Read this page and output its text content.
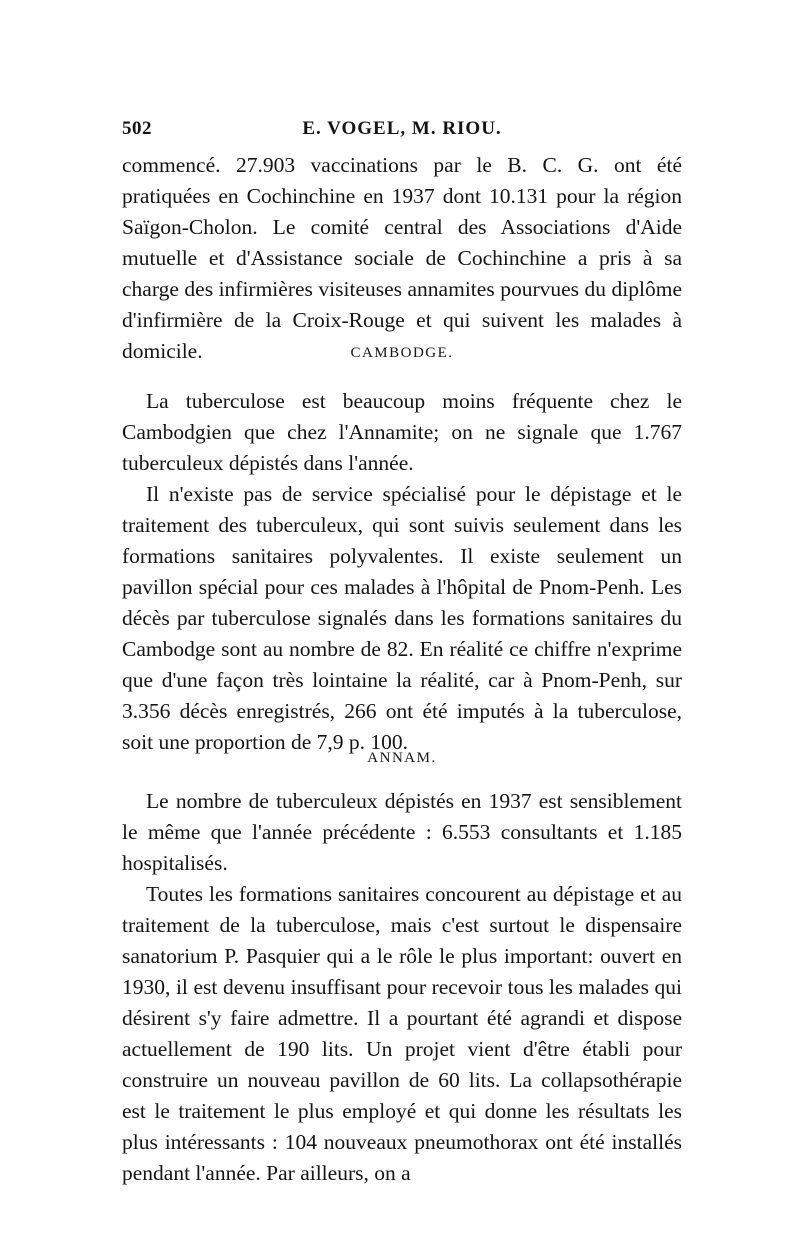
502	E. VOGEL, M. RIOU.

commencé. 27.903 vaccinations par le B. C. G. ont été pratiquées en Cochinchine en 1937 dont 10.131 pour la région Saïgon-Cholon. Le comité central des Associations d'Aide mutuelle et d'Assistance sociale de Cochinchine a pris à sa charge des infirmières visiteuses annamites pourvues du diplôme d'infirmière de la Croix-Rouge et qui suivent les malades à domicile.	CAMBODGE.

La tuberculose est beaucoup moins fréquente chez le Cambodgien que chez l'Annamite; on ne signale que 1.767 tuberculeux dépistés dans l'année.

Il n'existe pas de service spécialisé pour le dépistage et le traitement des tuberculeux, qui sont suivis seulement dans les formations sanitaires polyvalentes. Il existe seulement un pavillon spécial pour ces malades à l'hôpital de Pnom-Penh. Les décès par tuberculose signalés dans les formations sanitaires du Cambodge sont au nombre de 82. En réalité ce chiffre n'exprime que d'une façon très lointaine la réalité, car à Pnom-Penh, sur 3.356 décès enregistrés, 266 ont été imputés à la tuberculose, soit une proportion de 7,9 p. 100.

ANNAM.

Le nombre de tuberculeux dépistés en 1937 est sensiblement le même que l'année précédente : 6.553 consultants et 1.185 hospitalisés.

Toutes les formations sanitaires concourent au dépistage et au traitement de la tuberculose, mais c'est surtout le dispensaire sanatorium P. Pasquier qui a le rôle le plus important: ouvert en 1930, il est devenu insuffisant pour recevoir tous les malades qui désirent s'y faire admettre. Il a pourtant été agrandi et dispose actuellement de 190 lits. Un projet vient d'être établi pour construire un nouveau pavillon de 60 lits. La collapsothérapie est le traitement le plus employé et qui donne les résultats les plus intéressants : 104 nouveaux pneumothorax ont été installés pendant l'année. Par ailleurs, on a
